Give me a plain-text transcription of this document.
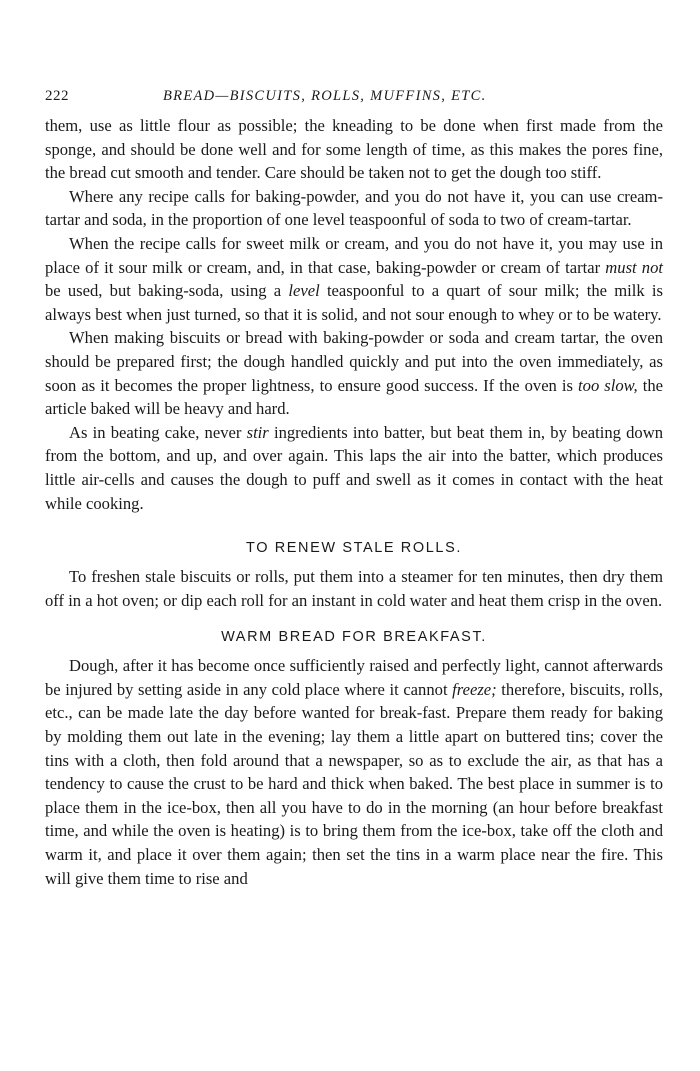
222	BREAD—BISCUITS, ROLLS, MUFFINS, ETC.

them, use as little flour as possible; the kneading to be done when first made from the sponge, and should be done well and for some length of time, as this makes the pores fine, the bread cut smooth and tender. Care should be taken not to get the dough too stiff.

Where any recipe calls for baking-powder, and you do not have it, you can use cream-tartar and soda, in the proportion of one level teaspoonful of soda to two of cream-tartar.

When the recipe calls for sweet milk or cream, and you do not have it, you may use in place of it sour milk or cream, and, in that case, baking-powder or cream of tartar must not be used, but baking-soda, using a level teaspoonful to a quart of sour milk; the milk is always best when just turned, so that it is solid, and not sour enough to whey or to be watery.

When making biscuits or bread with baking-powder or soda and cream tartar, the oven should be prepared first; the dough handled quickly and put into the oven immediately, as soon as it becomes the proper lightness, to ensure good success. If the oven is too slow, the article baked will be heavy and hard.

As in beating cake, never stir ingredients into batter, but beat them in, by beating down from the bottom, and up, and over again. This laps the air into the batter, which produces little air-cells and causes the dough to puff and swell as it comes in contact with the heat while cooking.

TO RENEW STALE ROLLS.

To freshen stale biscuits or rolls, put them into a steamer for ten minutes, then dry them off in a hot oven; or dip each roll for an instant in cold water and heat them crisp in the oven.

WARM BREAD FOR BREAKFAST.

Dough, after it has become once sufficiently raised and perfectly light, cannot afterwards be injured by setting aside in any cold place where it cannot freeze; therefore, biscuits, rolls, etc., can be made late the day before wanted for break-fast. Prepare them ready for baking by molding them out late in the evening; lay them a little apart on buttered tins; cover the tins with a cloth, then fold around that a newspaper, so as to exclude the air, as that has a tendency to cause the crust to be hard and thick when baked. The best place in summer is to place them in the ice-box, then all you have to do in the morning (an hour before breakfast time, and while the oven is heating) is to bring them from the ice-box, take off the cloth and warm it, and place it over them again; then set the tins in a warm place near the fire. This will give them time to rise and
